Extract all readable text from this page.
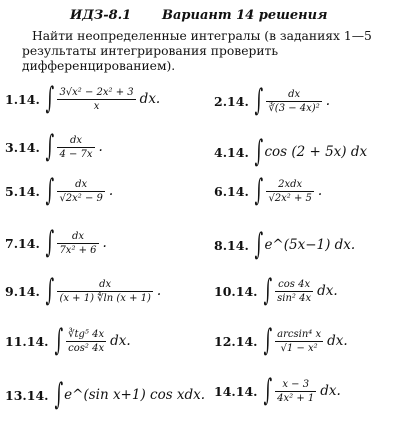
ИДЗ-8.1 Вариант 14 решения
Найти неопределенные интегралы (в заданиях 1—5 результаты интегрирования проверить дифференцированием).
1.14. ∫ $\frac{\text{3√x² − 2x² + 3}}{x}$ dx.	2.14. ∫ $\frac{dx}{\text{∛(3 − 4x)²}}$ .
3.14. ∫ $\frac{dx}{4 - 7x}$ .	4.14. ∫ cos (2 + 5x) dx
5.14. ∫ $\frac{dx}{\text{√2x² − 9}}$ .	6.14. ∫ $\frac{\text{2xdx}}{\text{√2x² + 5}}$ .
7.14. ∫ $\frac{dx}{\text{7x² + 6}}$ .	8.14. ∫ e^(5x−1) dx.
9.14. ∫ $\frac{dx}{(x + 1) ∜\ln (x + 1)}$ .	10.14. ∫ $\frac{\cos 4x}{\text{sin² 4x}}$ dx.
11.14. ∫ $\frac{\text{∛tg⁵ 4x}}{\text{cos² 4x}}$ dx.	12.14. ∫ $\frac{\text{arcsin⁴ x}}{\text{√1 − x²}}$ dx.
13.14. ∫ e^(sin x+1) cos xdx. 14.14. ∫ $\frac{x - 3}{\text{4x² + 1}}$ dx.
